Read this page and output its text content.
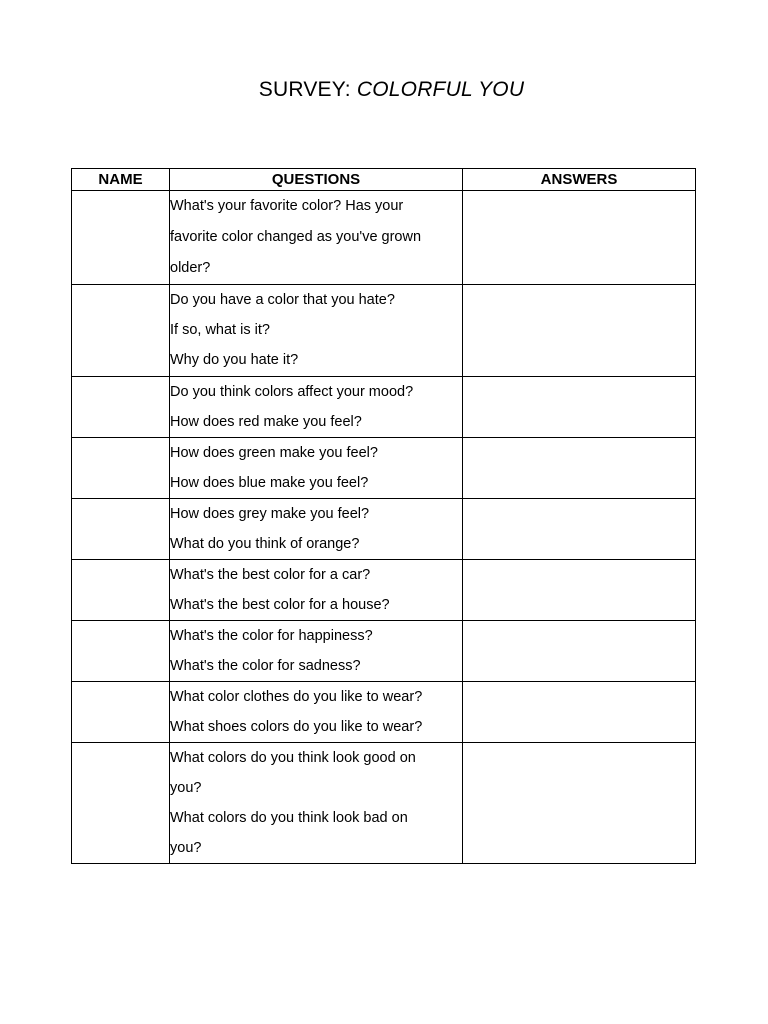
SURVEY: COLORFUL YOU
NAME	QUESTIONS	ANSWERS

	What's your favorite color? Has your
favorite color changed as you've grown
older?	

	Do you have a color that you hate?
If so, what is it?
Why do you hate it?	

	Do you think colors affect your mood?
How does red make you feel?	

	How does green make you feel?
How does blue make you feel?	

	How does grey make you feel?
What do you think of orange?	

	What's the best color for a car?
What's the best color for a house?	

	What's the color for happiness?
What's the color for sadness?	

	What color clothes do you like to wear?
What shoes colors do you like to wear?	

	What colors do you think look good on
you?
What colors do you think look bad on
you?	
